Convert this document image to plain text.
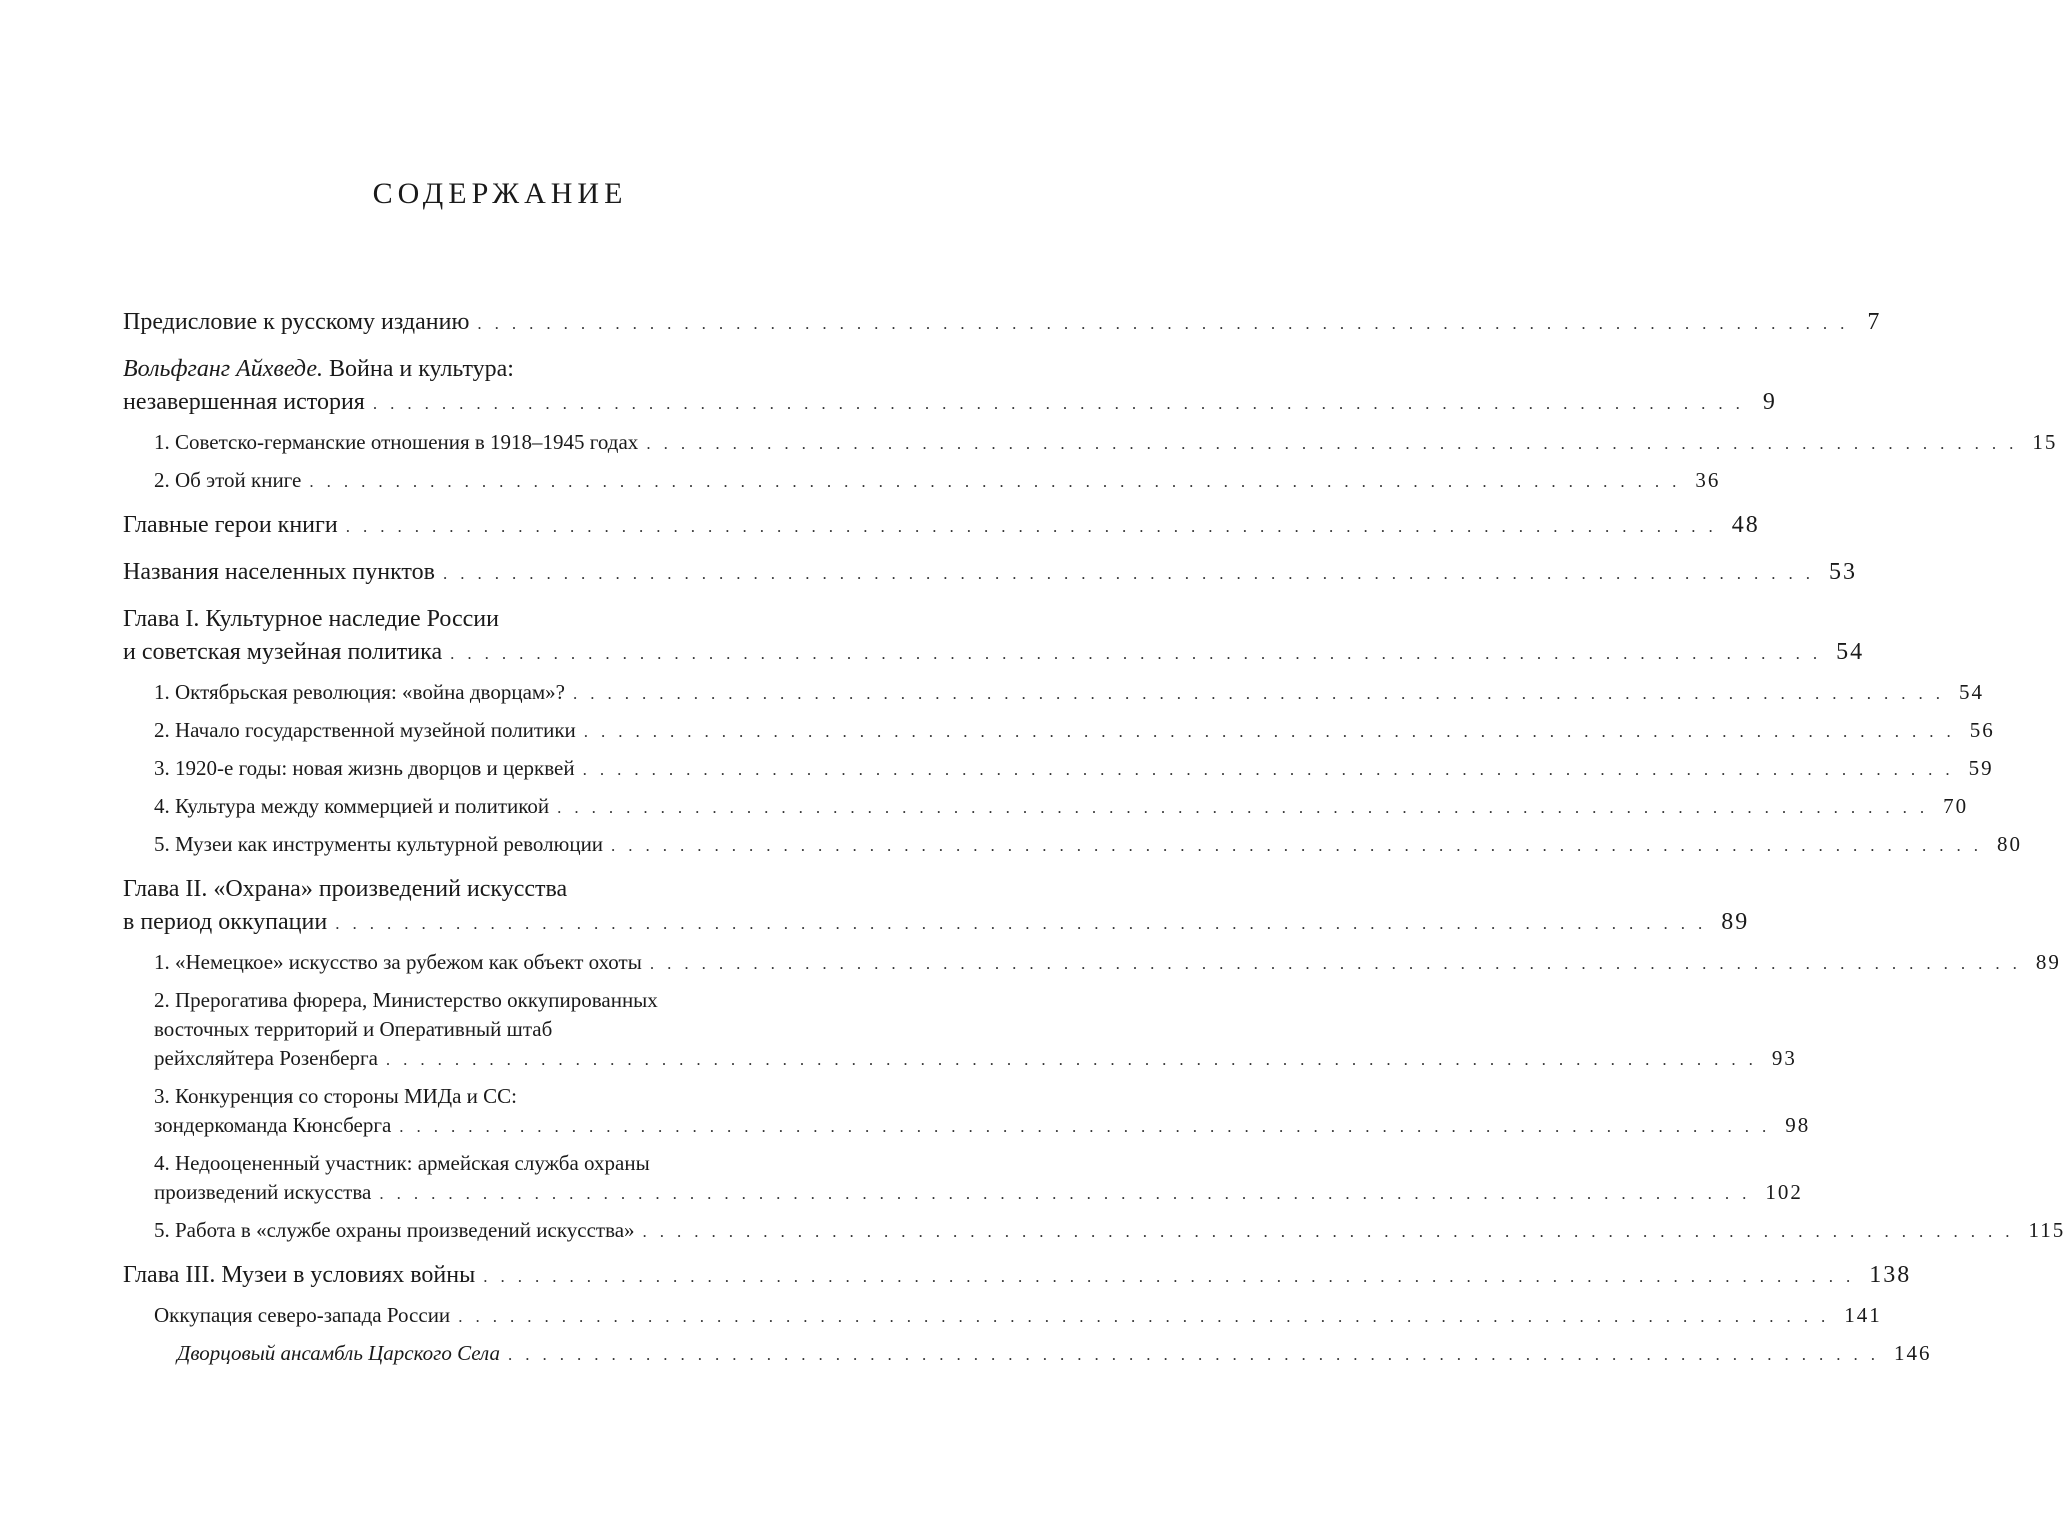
СОДЕРЖАНИЕ
Предисловие к русскому изданию ................................................................................ 7
Вольфганг Айхведе. Война и культура:
незавершенная история ................................................................................ 9
1. Советско-германские отношения в 1918–1945 годах ................................................................................ 15
2. Об этой книге ................................................................................ 36
Главные герои книги ................................................................................ 48
Названия населенных пунктов ................................................................................ 53
Глава I. Культурное наследие России
и советская музейная политика ................................................................................ 54
1. Октябрьская революция: «война дворцам»? ................................................................................ 54
2. Начало государственной музейной политики ................................................................................ 56
3. 1920-е годы: новая жизнь дворцов и церквей ................................................................................ 59
4. Культура между коммерцией и политикой ................................................................................ 70
5. Музеи как инструменты культурной революции ................................................................................ 80
Глава II. «Охрана» произведений искусства
в период оккупации ................................................................................ 89
1. «Немецкое» искусство за рубежом как объект охоты ................................................................................ 89
2. Прерогатива фюрера, Министерство оккупированных
восточных территорий и Оперативный штаб
рейхсляйтера Розенберга ................................................................................ 93
3. Конкуренция со стороны МИДа и СС:
зондеркоманда Кюнсберга ................................................................................ 98
4. Недооцененный участник: армейская служба охраны
произведений искусства ................................................................................ 102
5. Работа в «службе охраны произведений искусства» ................................................................................ 115
Глава III. Музеи в условиях войны ................................................................................ 138
Оккупация северо-запада России ................................................................................ 141
Дворцовый ансамбль Царского Села ................................................................................ 146
